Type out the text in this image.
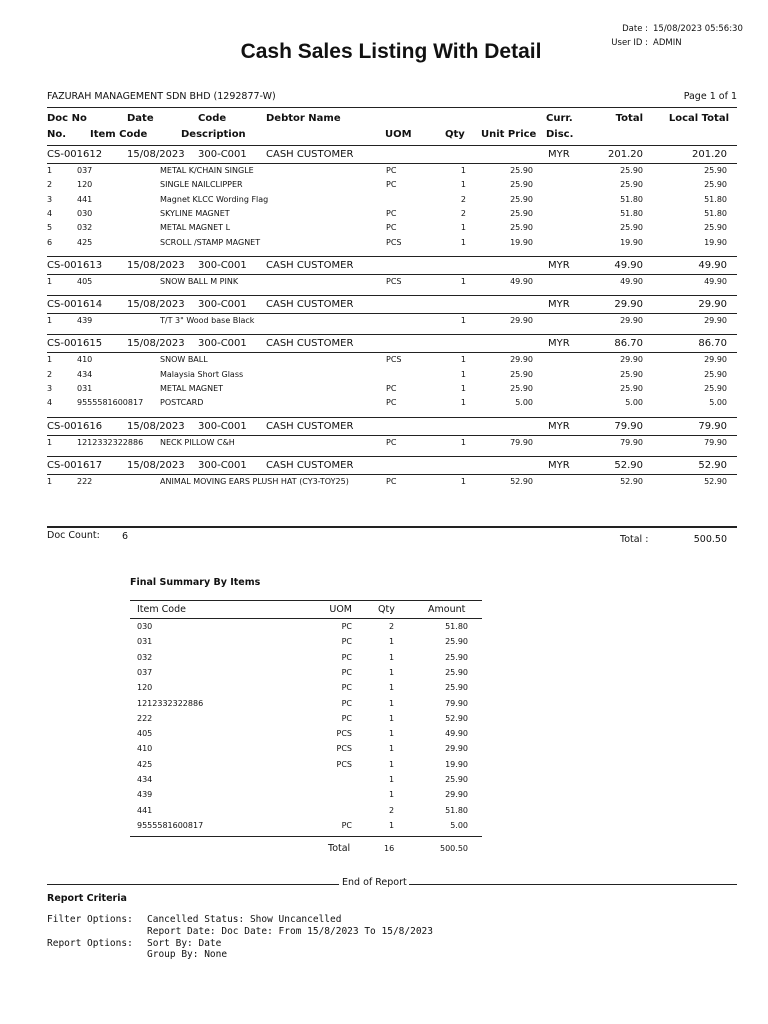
Date : 15/08/2023 05:56:30
User ID : ADMIN
Cash Sales Listing With Detail
FAZURAH MANAGEMENT SDN BHD (1292877-W)	Page 1 of 1
Doc No	Date	Code	Debtor Name	Curr.	Total	Local Total
No. Item Code	Description	UOM	Qty Unit Price Disc.
CS-001612 15/08/2023 300-C001 CASH CUSTOMER	MYR	201.20	201.20
1	037	METAL K/CHAIN SINGLE	PC	1	25.90	25.90	25.90
2	120	SINGLE NAILCLIPPER	PC	1	25.90	25.90	25.90
3	441	Magnet KLCC Wording Flag	2	25.90	51.80	51.80
4	030	SKYLINE MAGNET	PC	2	25.90	51.80	51.80
5	032	METAL MAGNET L	PC	1	25.90	25.90	25.90
6	425	SCROLL /STAMP MAGNET	PCS	1	19.90	19.90	19.90
CS-001613 15/08/2023 300-C001 CASH CUSTOMER	MYR	49.90	49.90
1	405	SNOW BALL M PINK	PCS	1	49.90	49.90	49.90
CS-001614 15/08/2023 300-C001 CASH CUSTOMER	MYR	29.90	29.90
1	439	T/T 3" Wood base Black	1	29.90	29.90	29.90
CS-001615 15/08/2023 300-C001 CASH CUSTOMER	MYR	86.70	86.70
1	410	SNOW BALL	PCS	1	29.90	29.90	29.90
2	434	Malaysia Short Glass	1	25.90	25.90	25.90
3	031	METAL MAGNET	PC	1	25.90	25.90	25.90
4	9555581600817 POSTCARD	PC	1	5.00	5.00	5.00
CS-001616 15/08/2023 300-C001 CASH CUSTOMER	MYR	79.90	79.90
1	1212332322886 NECK PILLOW C&H	PC	1	79.90	79.90	79.90
CS-001617 15/08/2023 300-C001 CASH CUSTOMER	MYR	52.90	52.90
1	222	ANIMAL MOVING EARS PLUSH HAT (CY3-TOY25)	PC	1	52.90	52.90	52.90
Doc Count: 6	Total :	500.50
Final Summary By Items
Item Code	UOM	Qty	Amount
030	PC	2	51.80
031	PC	1	25.90
032	PC	1	25.90
037	PC	1	25.90
120	PC	1	25.90
1212332322886	PC	1	79.90
222	PC	1	52.90
405	PCS	1	49.90
410	PCS	1	29.90
425	PCS	1	19.90
434	1	25.90
439	1	29.90
441	2	51.80
9555581600817	PC	1	5.00
Total	16	500.50
End of Report
Report Criteria
Filter Options: Cancelled Status: Show Uncancelled
Report Date: Doc Date: From 15/8/2023 To 15/8/2023
Report Options: Sort By: Date
Group By: None
